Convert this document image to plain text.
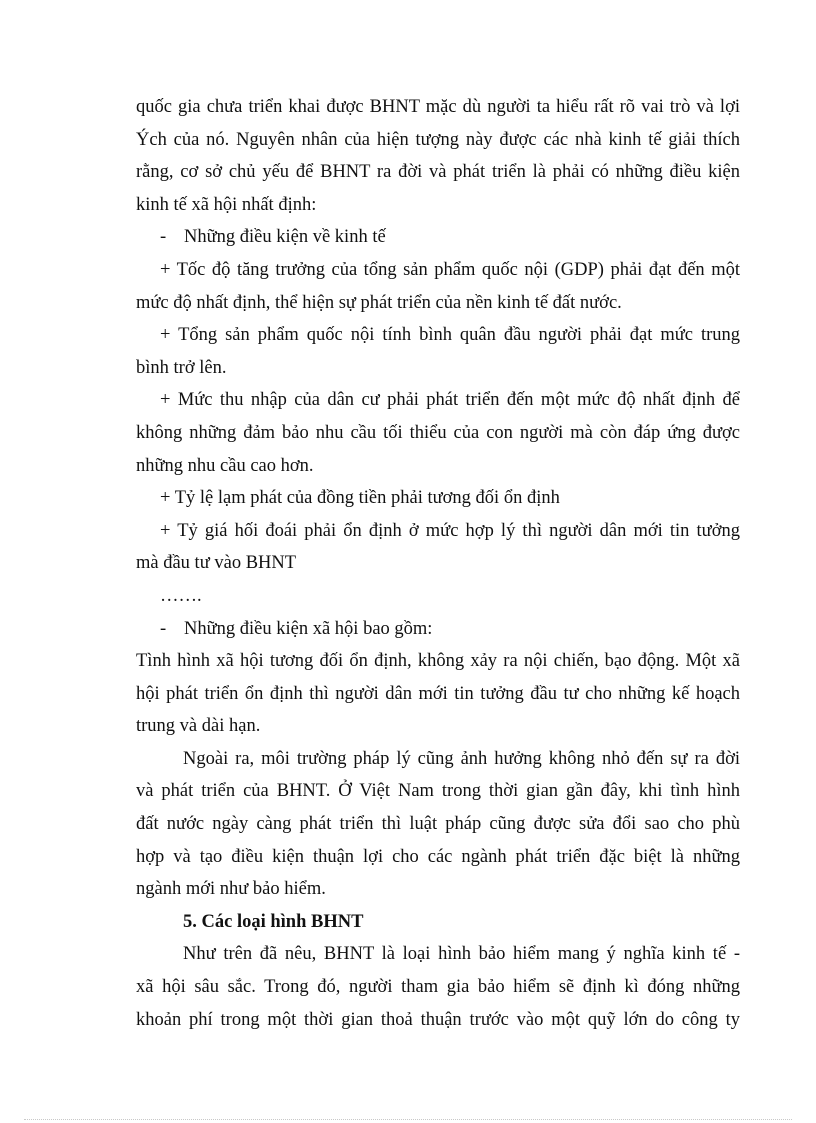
quốc gia chưa triển khai được BHNT mặc dù người ta hiểu rất rõ vai trò và lợi
Ých của nó. Nguyên nhân của hiện tượng này được các nhà kinh tế giải thích
rằng, cơ sở chủ yếu để BHNT ra đời và phát triển là phải có những điều kiện
kinh tế xã hội nhất định:
- Những điều kiện về kinh tế
+ Tốc độ tăng trưởng của tổng sản phẩm quốc nội (GDP) phải đạt đến một
mức độ nhất định, thể hiện sự phát triển của nền kinh tế đất nước.
+ Tổng sản phẩm quốc nội tính bình quân đầu người phải đạt mức trung
bình trở lên.
+ Mức thu nhập của dân cư phải phát triển đến một mức độ nhất định để
không những đảm bảo nhu cầu tối thiểu của con người mà còn đáp ứng được
những nhu cầu cao hơn.
+ Tỷ lệ lạm phát của đồng tiền phải tương đối ổn định
+ Tỷ giá hối đoái phải ổn định ở mức hợp lý thì người dân mới tin tưởng
mà đầu tư vào BHNT
…….
- Những điều kiện xã hội bao gồm:
Tình hình xã hội tương đối ổn định, không xảy ra nội chiến, bạo động. Một xã
hội phát triển ổn định thì người dân mới tin tưởng đầu tư cho những kế hoạch
trung và dài hạn.
Ngoài ra, môi trường pháp lý cũng ảnh hưởng không nhỏ đến sự ra đời
và phát triển của BHNT. Ở Việt Nam trong thời gian gần đây, khi tình hình
đất nước ngày càng phát triển thì luật pháp cũng được sửa đổi sao cho phù
hợp và tạo điều kiện thuận lợi cho các ngành phát triển đặc biệt là những
ngành mới như bảo hiểm.
5. Các loại hình BHNT
Như trên đã nêu, BHNT là loại hình bảo hiểm mang ý nghĩa kinh tế -
xã hội sâu sắc. Trong đó, người tham gia bảo hiểm sẽ định kì đóng những
khoản phí trong một thời gian thoả thuận trước vào một quỹ lớn do công ty
